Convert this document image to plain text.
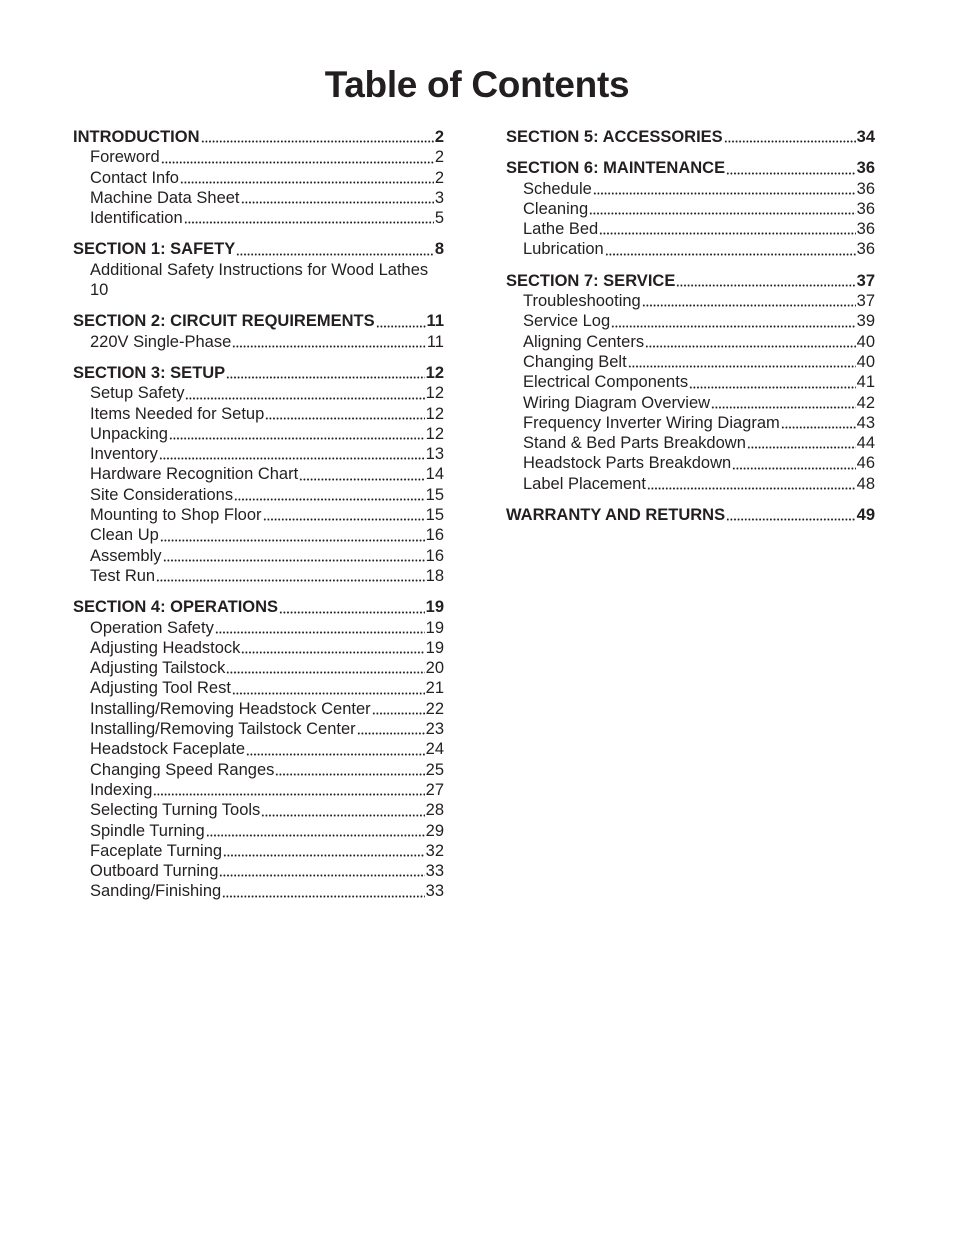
Table of Contents
INTRODUCTION	2
Foreword	2
Contact Info	2
Machine Data Sheet	3
Identification	5
SECTION 1: SAFETY	8
Additional Safety Instructions for Wood Lathes
10
SECTION 2: CIRCUIT REQUIREMENTS	11
220V Single-Phase	11
SECTION 3: SETUP	12
Setup Safety	12
Items Needed for Setup	12
Unpacking	12
Inventory	13
Hardware Recognition Chart	14
Site Considerations	15
Mounting to Shop Floor	15
Clean Up	16
Assembly	16
Test Run	18
SECTION 4: OPERATIONS	19
Operation Safety	19
Adjusting Headstock	19
Adjusting Tailstock	20
Adjusting Tool Rest	21
Installing/Removing Headstock Center	22
Installing/Removing Tailstock Center	23
Headstock Faceplate	24
Changing Speed Ranges	25
Indexing	27
Selecting Turning Tools	28
Spindle Turning	29
Faceplate Turning	32
Outboard Turning	33
Sanding/Finishing	33
SECTION 5: ACCESSORIES	34
SECTION 6: MAINTENANCE	36
Schedule	36
Cleaning	36
Lathe Bed	36
Lubrication	36
SECTION 7: SERVICE	37
Troubleshooting	37
Service Log	39
Aligning Centers	40
Changing Belt	40
Electrical Components	41
Wiring Diagram Overview	42
Frequency Inverter Wiring Diagram	43
Stand & Bed Parts Breakdown	44
Headstock Parts Breakdown	46
Label Placement	48
WARRANTY AND RETURNS	49
